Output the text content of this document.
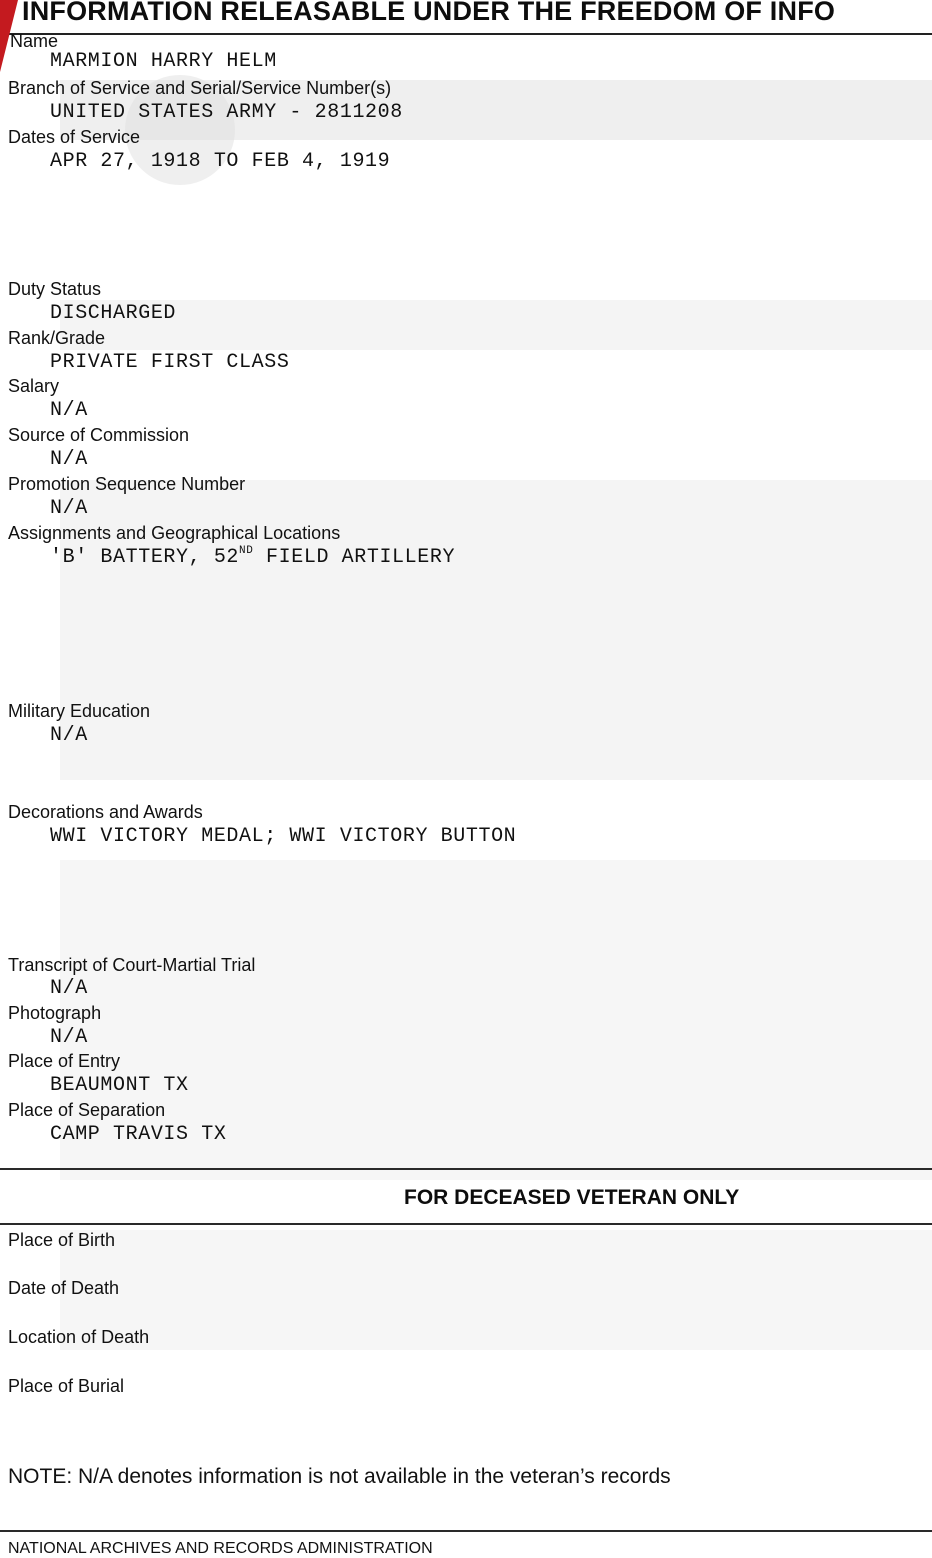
INFORMATION RELEASABLE UNDER THE FREEDOM OF INFO

Name

MARMION HARRY HELM

Branch of Service and Serial/Service Number(s)

UNITED STATES ARMY - 2811208

Dates of Service

APR 27, 1918 TO FEB 4, 1919

Duty Status

DISCHARGED

Rank/Grade

PRIVATE FIRST CLASS

Salary

N/A

Source of Commission

N/A

Promotion Sequence Number

N/A

Assignments and Geographical Locations

'B' BATTERY, 52ND FIELD ARTILLERY

Military Education

N/A

Decorations and Awards

WWI VICTORY MEDAL; WWI VICTORY BUTTON

Transcript of Court-Martial Trial

N/A

Photograph

N/A

Place of Entry

BEAUMONT TX

Place of Separation

CAMP TRAVIS TX

FOR DECEASED VETERAN ONLY

Place of Birth

Date of Death

Location of Death

Place of Burial

NOTE: N/A denotes information is not available in the veteran’s records

NATIONAL ARCHIVES AND RECORDS ADMINISTRATION
